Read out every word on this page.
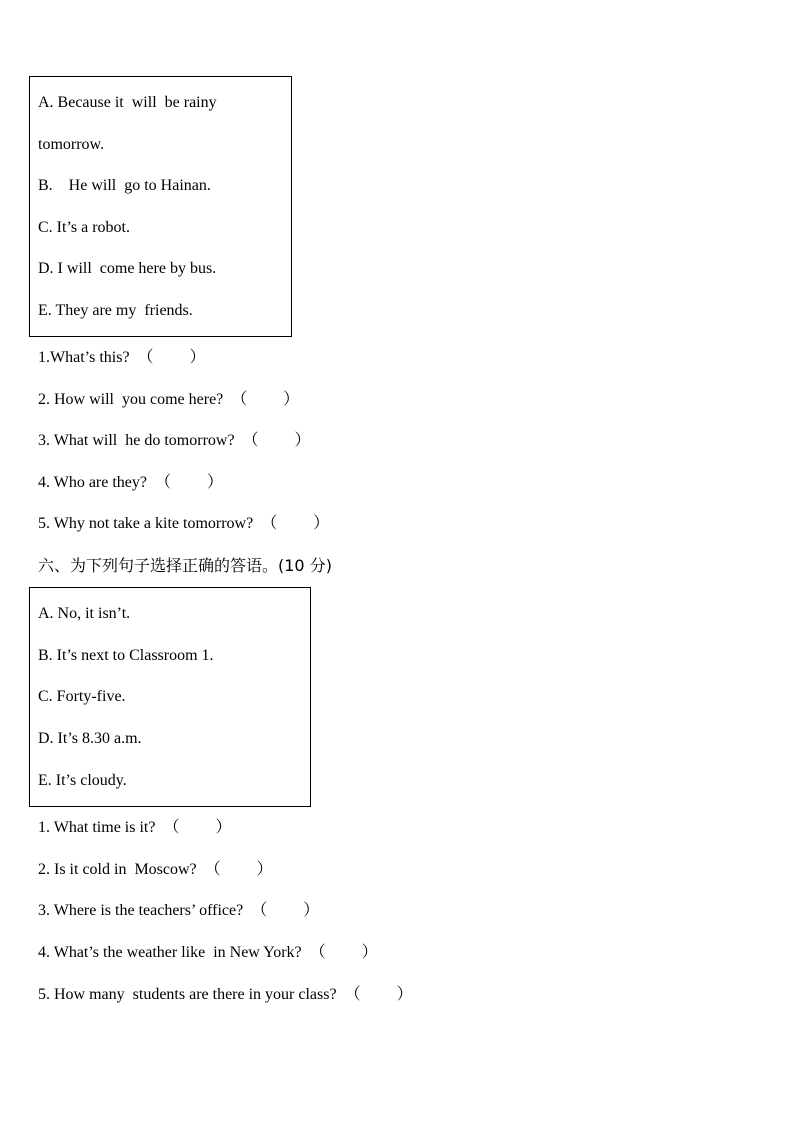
A. Because it  will  be rainy
tomorrow.
B.    He will  go to Hainan.
C. It’s a robot.
D. I will  come here by bus.
E. They are my  friends.
1.What’s this?  （         ）
2. How will  you come here?  （         ）
3. What will  he do tomorrow?  （         ）
4. Who are they?  （         ）
5. Why not take a kite tomorrow?  （         ）
六、为下列句子选择正确的答语。(10 分)
A. No, it isn’t.
B. It’s next to Classroom 1.
C. Forty-five.
D. It’s 8.30 a.m.
E. It’s cloudy.
1. What time is it?  （         ）
2. Is it cold in  Moscow?  （         ）
3. Where is the teachers’ office?  （         ）
4. What’s the weather like  in New York?  （         ）
5. How many  students are there in your class?  （         ）
